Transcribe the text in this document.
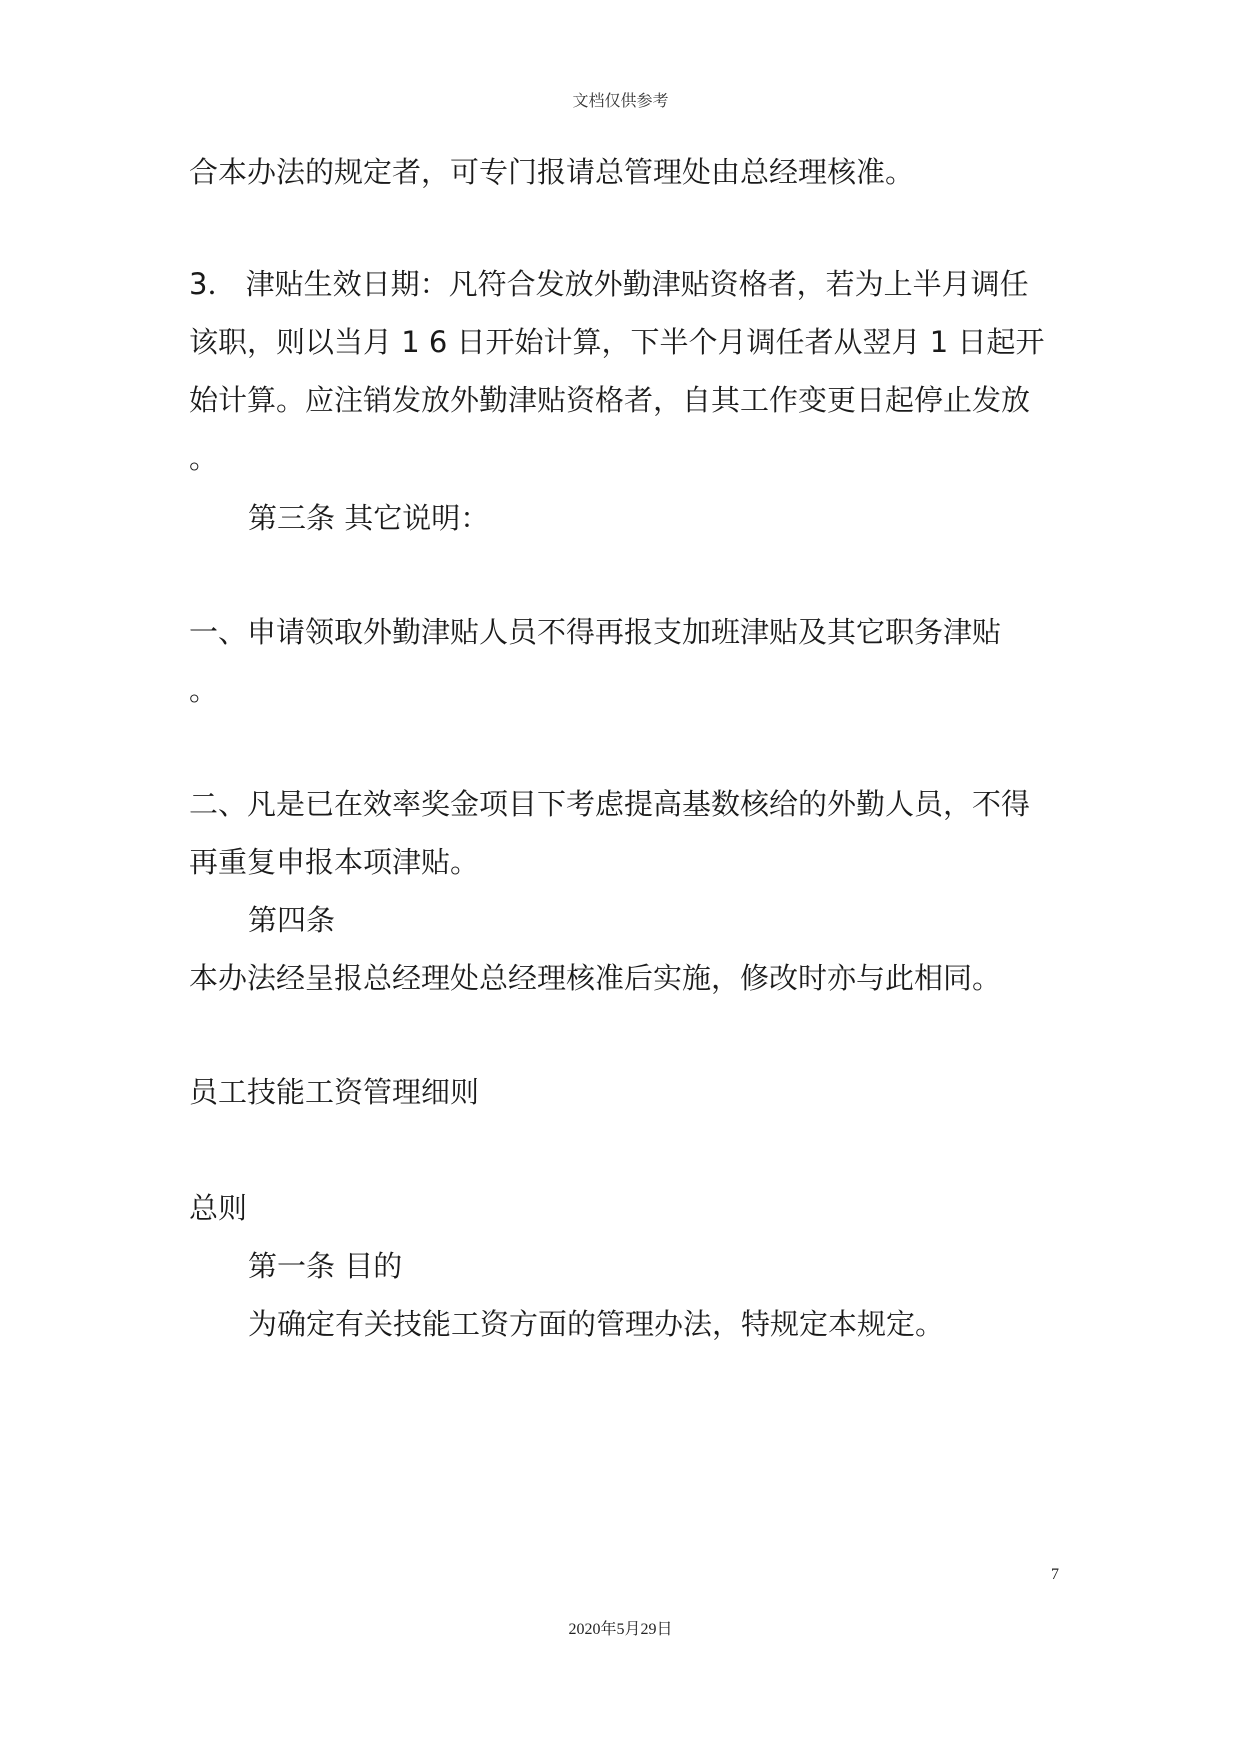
文档仅供参考
合本办法的规定者，可专门报请总管理处由总经理核准。
3． 津贴生效日期：凡符合发放外勤津贴资格者，若为上半月调任
该职，则以当月 1 6 日开始计算，下半个月调任者从翌月 1 日起开
始计算。应注销发放外勤津贴资格者，自其工作变更日起停止发放
。
第三条 其它说明：
一、申请领取外勤津贴人员不得再报支加班津贴及其它职务津贴
。
二、凡是已在效率奖金项目下考虑提高基数核给的外勤人员，不得
再重复申报本项津贴。
第四条
本办法经呈报总经理处总经理核准后实施，修改时亦与此相同。
员工技能工资管理细则
总则
第一条 目的
为确定有关技能工资方面的管理办法，特规定本规定。
7
2020年5月29日
